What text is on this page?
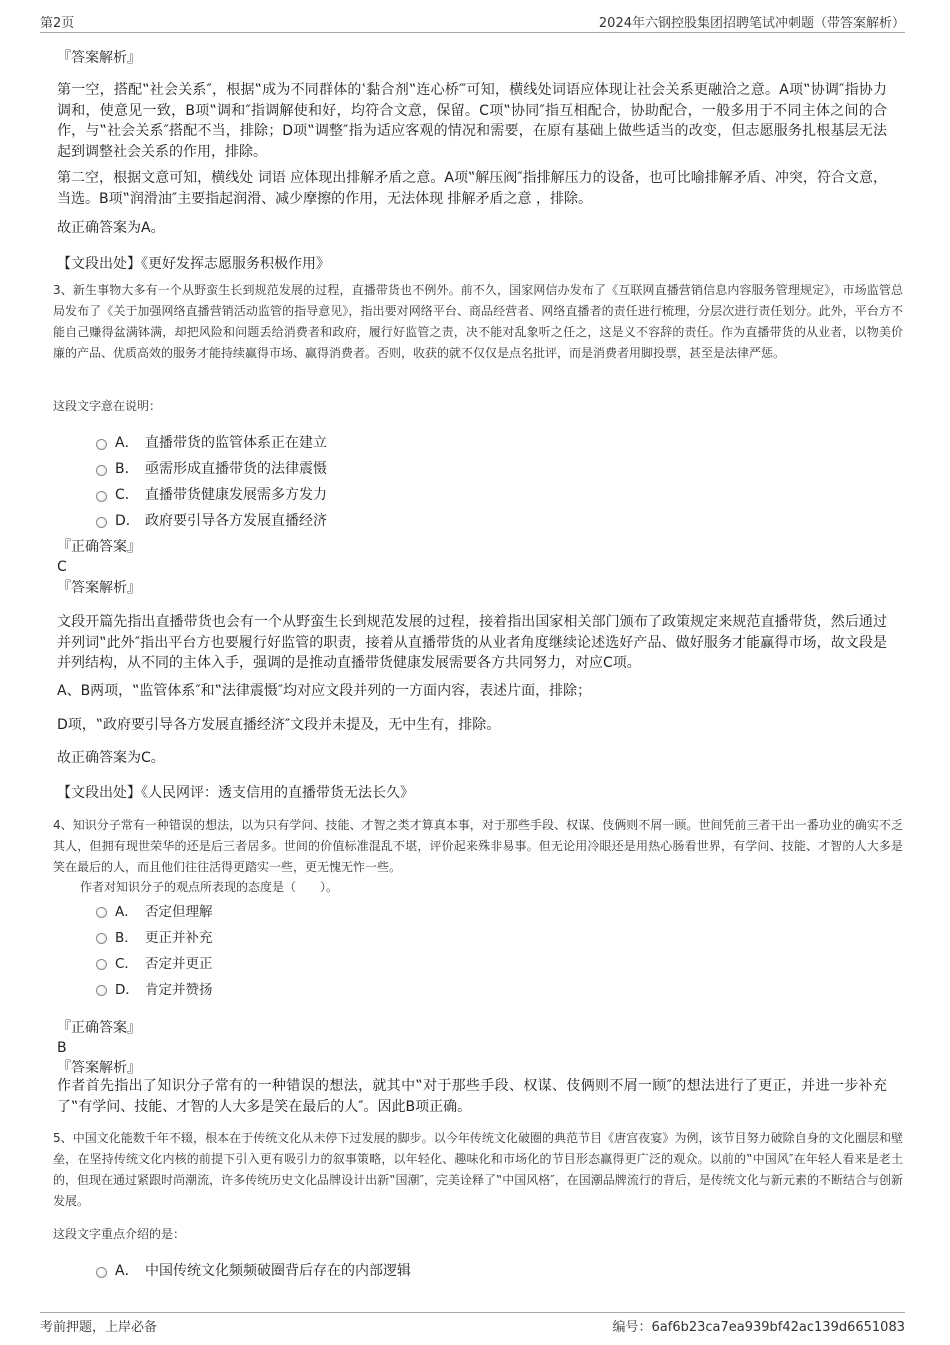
第2页	2024年六钢控股集团招聘笔试冲刺题（带答案解析）
『答案解析』
第一空，搭配‟社会关系″，根据‟成为不同群体的‛黏合剂‟连心桥‴可知，横线处词语应体现让社会关系更融洽之意。A项‟协调″指协力调和，使意见一致，B项‟调和″指调解使和好，均符合文意，保留。C项‟协同″指互相配合，协助配合，一般多用于不同主体之间的合作，与‟社会关系″搭配不当，排除；D项‟调整″指为适应客观的情况和需要，在原有基础上做些适当的改变，但志愿服务扎根基层无法起到调整社会关系的作用，排除。
第二空，根据文意可知，横线处 词语 应体现出排解矛盾之意。A项‟解压阀″指排解压力的设备，也可比喻排解矛盾、冲突，符合文意，当选。B项‟润滑油″主要指起润滑、减少摩擦的作用，无法体现 排解矛盾之意 ，排除。
故正确答案为A。
【文段出处】《更好发挥志愿服务积极作用》
3、新生事物大多有一个从野蛮生长到规范发展的过程，直播带货也不例外。前不久，国家网信办发布了《互联网直播营销信息内容服务管理规定》，市场监管总局发布了《关于加强网络直播营销活动监管的指导意见》，指出要对网络平台、商品经营者、网络直播者的责任进行梳理，分层次进行责任划分。此外，平台方不能自己赚得盆满钵满，却把风险和问题丢给消费者和政府，履行好监管之责，决不能对乱象听之任之，这是义不容辞的责任。作为直播带货的从业者，以物美价廉的产品、优质高效的服务才能持续赢得市场、赢得消费者。否则，收获的就不仅仅是点名批评，而是消费者用脚投票，甚至是法律严惩。
这段文字意在说明：
A． 直播带货的监管体系正在建立
B． 亟需形成直播带货的法律震慑
C． 直播带货健康发展需多方发力
D． 政府要引导各方发展直播经济
『正确答案』
C
『答案解析』
文段开篇先指出直播带货也会有一个从野蛮生长到规范发展的过程，接着指出国家相关部门颁布了政策规定来规范直播带货，然后通过并列词‟此外″指出平台方也要履行好监管的职责，接着从直播带货的从业者角度继续论述选好产品、做好服务才能赢得市场，故文段是并列结构，从不同的主体入手，强调的是推动直播带货健康发展需要各方共同努力，对应C项。
A、B两项，‟监管体系″和‟法律震慑″均对应文段并列的一方面内容，表述片面，排除；
D项，‟政府要引导各方发展直播经济″文段并未提及，无中生有，排除。
故正确答案为C。
【文段出处】《人民网评：透支信用的直播带货无法长久》
4、知识分子常有一种错误的想法，以为只有学问、技能、才智之类才算真本事，对于那些手段、权谋、伎俩则不屑一顾。世间凭前三者干出一番功业的确实不乏其人，但拥有现世荣华的还是后三者居多。世间的价值标准混乱不堪，评价起来殊非易事。但无论用冷眼还是用热心肠看世界，有学问、技能、才智的人大多是笑在最后的人，而且他们往往活得更踏实一些，更无愧无怍一些。
作者对知识分子的观点所表现的态度是（　　）。
A． 否定但理解
B． 更正并补充
C． 否定并更正
D． 肯定并赞扬
『正确答案』
B
『答案解析』
作者首先指出了知识分子常有的一种错误的想法，就其中‟对于那些手段、权谋、伎俩则不屑一顾″的想法进行了更正，并进一步补充了‟有学问、技能、才智的人大多是笑在最后的人″。因此B项正确。
5、中国文化能数千年不辍，根本在于传统文化从未停下过发展的脚步。以今年传统文化破圈的典范节目《唐宫夜宴》为例，该节目努力破除自身的文化圈层和壁垒，在坚持传统文化内核的前提下引入更有吸引力的叙事策略，以年轻化、趣味化和市场化的节目形态赢得更广泛的观众。以前的‟中国风″在年轻人看来是老土的，但现在通过紧跟时尚潮流，许多传统历史文化品牌设计出新‟国潮″，完美诠释了‟中国风格″，在国潮品牌流行的背后，是传统文化与新元素的不断结合与创新发展。
这段文字重点介绍的是：
A． 中国传统文化频频破圈背后存在的内部逻辑
考前押题，上岸必备	编号：6af6b23ca7ea939bf42ac139d6651083
